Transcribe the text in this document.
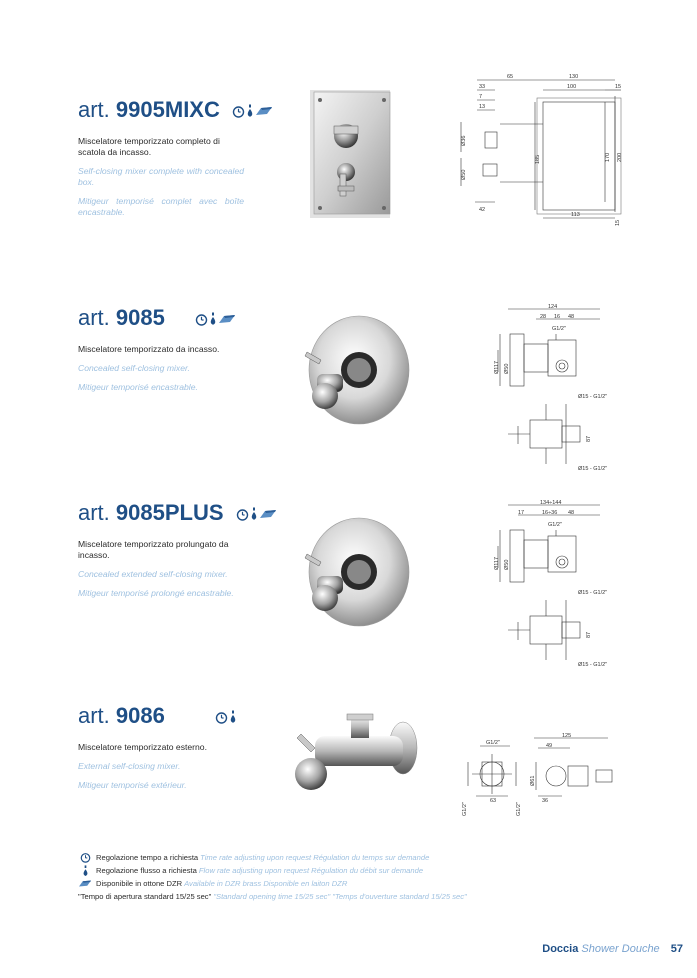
art. 9905MIXC

Miscelatore temporizzato completo di scatola da incasso.

Self-closing mixer complete with concealed box.

Mitigeur temporisé complet avec boîte encastrable.

65	130
100	15
33
7
13
Ø36
Ø50
185	170 200
42
113
15
art. 9085

Miscelatore temporizzato da incasso.

Concealed self-closing mixer.

Mitigeur temporisé encastrable.

124
28 16 48
G1/2"
Ø117 Ø50
Ø15 - G1/2"
87
Ø15 - G1/2"
art. 9085PLUS

Miscelatore temporizzato prolungato da incasso.

Concealed extended self-closing mixer.

Mitigeur temporisé prolongé encastrable.

134÷144
17	16÷36 48
G1/2"
Ø117 Ø50
Ø15 - G1/2"
87
Ø15 - G1/2"
art. 9086

Miscelatore temporizzato esterno.

External self-closing mixer.

Mitigeur temporisé extérieur.

125
G1/2"	49
Ø61
63	36
G1/2"	G1/2"
Regolazione tempo a richiesta Time rate adjusting upon request Régulation du temps sur demande
Regolazione flusso a richiesta Flow rate adjusting upon request Régulation du débit sur demande
Disponibile in ottone DZR Available in DZR brass Disponible en laiton DZR
"Tempo di apertura standard 15/25 sec" "Standard opening time 15/25 sec" "Temps d'ouverture standard 15/25 sec"
Doccia Shower Douche 57
